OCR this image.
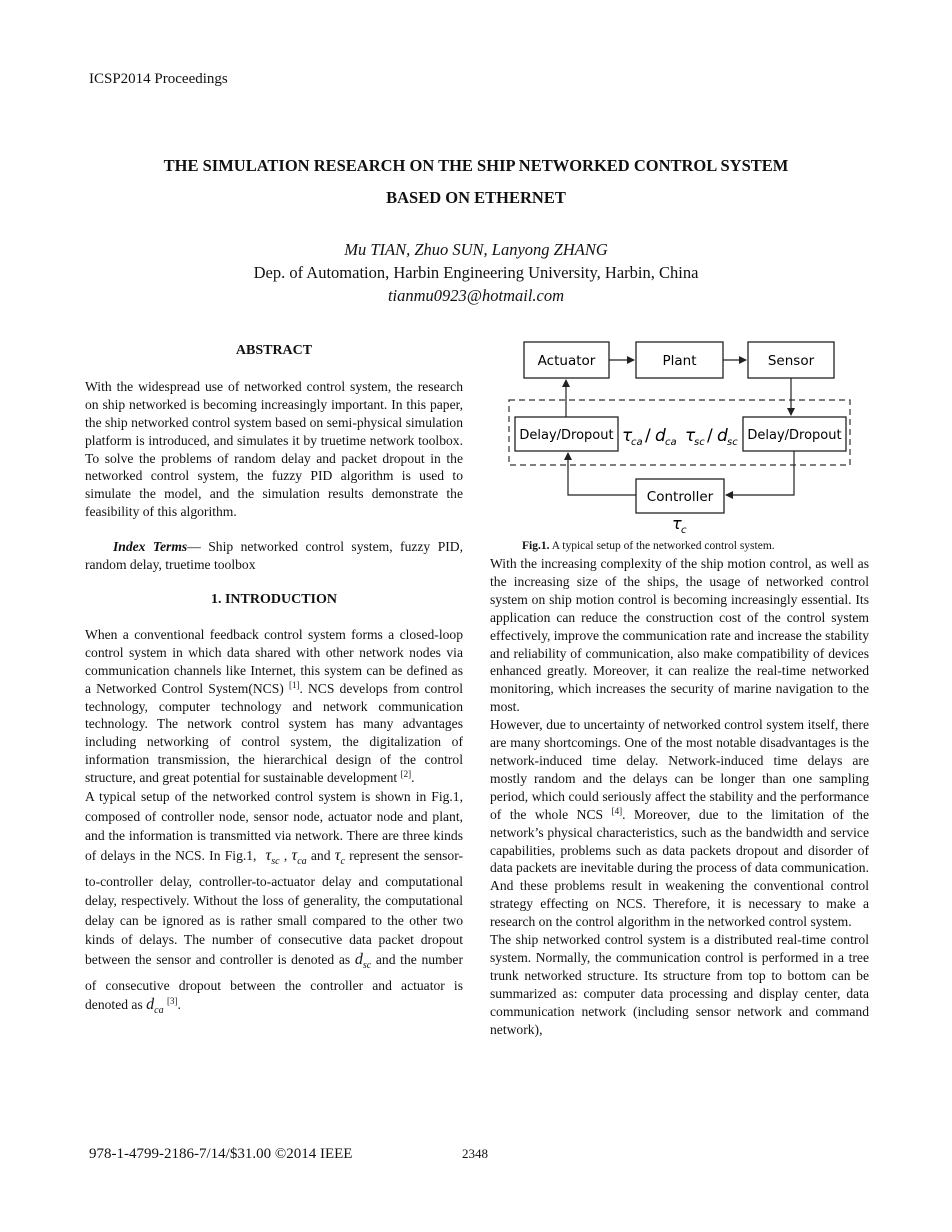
ICSP2014 Proceedings
THE SIMULATION RESEARCH ON THE SHIP NETWORKED CONTROL SYSTEM
BASED ON ETHERNET
Mu TIAN, Zhuo SUN, Lanyong ZHANG
Dep. of Automation, Harbin Engineering University, Harbin, China
tianmu0923@hotmail.com
ABSTRACT

With the widespread use of networked control system, the research on ship networked is becoming increasingly important. In this paper, the ship networked control system based on semi-physical simulation platform is introduced, and simulates it by truetime network toolbox. To solve the problems of random delay and packet dropout in the networked control system, the fuzzy PID algorithm is used to simulate the model, and the simulation results demonstrate the feasibility of this algorithm.

Index Terms— Ship networked control system, fuzzy PID, random delay, truetime toolbox

1. INTRODUCTION

When a conventional feedback control system forms a closed-loop control system in which data shared with other network nodes via communication channels like Internet, this system can be defined as a Networked Control System(NCS) [1]. NCS develops from control technology, computer technology and network communication technology. The network control system has many advantages including networking of control system, the digitalization of information transmission, the hierarchical design of the control structure, and great potential for sustainable development [2].

A typical setup of the networked control system is shown in Fig.1, composed of controller node, sensor node, actuator node and plant, and the information is transmitted via network. There are three kinds of delays in the NCS. In Fig.1,  $\tau_{sc}$ , $\tau_{ca}$ and $\tau_c$ represent the sensor-to-controller delay, controller-to-actuator delay and computational delay, respectively. Without the loss of generality, the computational delay can be ignored as is rather small compared to the other two kinds of delays. The number of consecutive data packet dropout between the sensor and controller is denoted as $d_{sc}$ and the number of consecutive dropout between the controller and actuator is denoted as $d_{ca}$ [3].

Actuator	Plant	Sensor
Delay/Dropout	Delay/Dropout
τ
ca / d ca τ
sc / d sc
Controller
τ c
Fig.1. A typical setup of the networked control system.

With the increasing complexity of the ship motion control, as well as the increasing size of the ships, the usage of networked control system on ship motion control is becoming increasingly essential. Its application can reduce the construction cost of the control system effectively, improve the communication rate and increase the stability and reliability of communication, also make compatibility of devices enhanced greatly. Moreover, it can realize the real-time networked monitoring, which increases the security of marine navigation to the most.

However, due to uncertainty of networked control system itself, there are many shortcomings. One of the most notable disadvantages is the network-induced time delay. Network-induced time delays are mostly random and the delays can be longer than one sampling period, which could seriously affect the stability and the performance of the whole NCS [4]. Moreover, due to the limitation of the network’s physical characteristics, such as the bandwidth and service capabilities, problems such as data packets dropout and disorder of data packets are inevitable during the process of data communication. And these problems result in weakening the conventional control strategy effecting on NCS. Therefore, it is necessary to make a research on the control algorithm in the networked control system.

The ship networked control system is a distributed real-time control system. Normally, the communication control is performed in a tree trunk networked structure. Its structure from top to bottom can be summarized as: computer data processing and display center, data communication network (including sensor network and command network),

978-1-4799-2186-7/14/$31.00 ©2014 IEEE	2348
